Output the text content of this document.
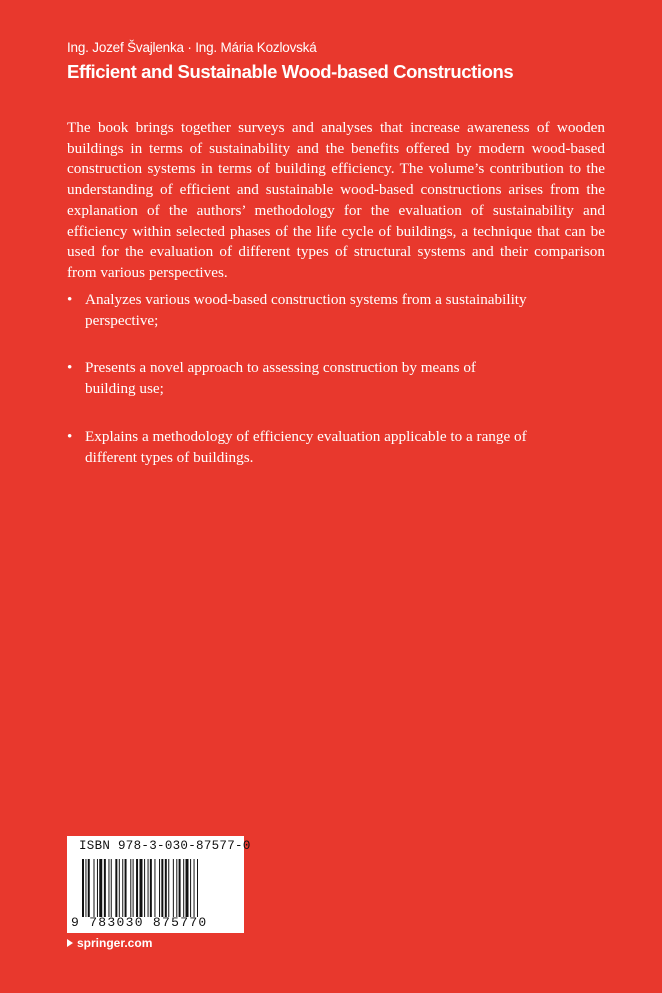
Ing. Jozef Švajlenka · Ing. Mária Kozlovská
Efficient and Sustainable Wood-based Constructions

The book brings together surveys and analyses that increase awareness of wooden buildings in terms of sustainability and the benefits offered by modern wood-based construction systems in terms of building efficiency. The volume’s contribution to the understanding of efficient and sustainable wood-based constructions arises from the explanation of the authors’ methodology for the evaluation of sustainability and efficiency within selected phases of the life cycle of buildings, a technique that can be used for the evaluation of different types of structural systems and their comparison from various perspectives.

• Analyzes various wood-based construction systems from a sustainability perspective;
• Presents a novel approach to assessing construction by means of building use;
• Explains a methodology of efficiency evaluation applicable to a range of different types of buildings.
ISBN 978-3-030-87577-0
9 783030 875770
springer.com
